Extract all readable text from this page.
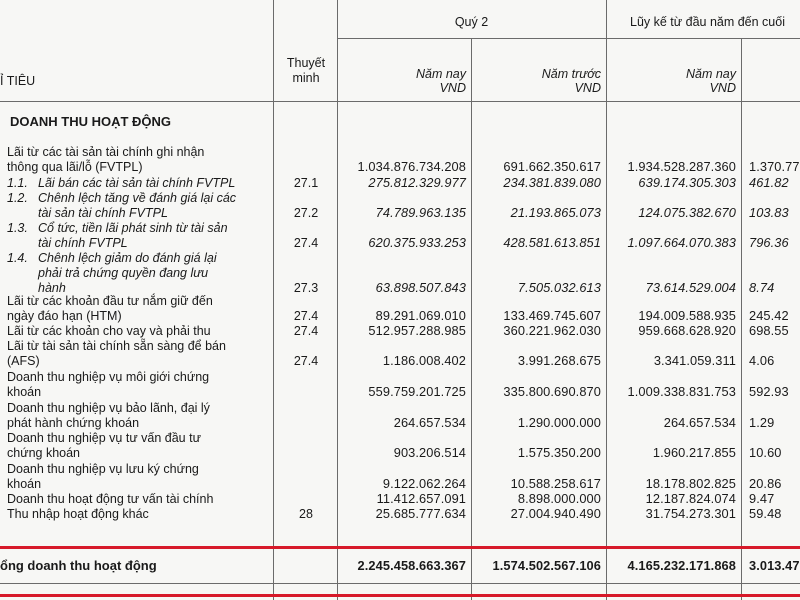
Ỉ TIÊU
Thuyết
minh
Quý 2	Lũy kế từ đầu năm đến cuối
Năm nay
VND
Năm trước
VND
Năm nay
VND
DOANH THU HOẠT ĐỘNG
Lãi từ các tài sản tài chính ghi nhận
thông qua lãi/lỗ (FVTPL)	1.034.876.734.208	691.662.350.617	1.934.528.287.360 1.370.77
1.1. Lãi bán các tài sản tài chính FVTPL	27.1	275.812.329.977	234.381.839.080	639.174.305.303 461.82
1.2. Chênh lệch tăng về đánh giá lại các
tài sản tài chính FVTPL	27.2	74.789.963.135	21.193.865.073	124.075.382.670 103.83
1.3. Cổ tức, tiền lãi phát sinh từ tài sản
tài chính FVTPL	27.4	620.375.933.253	428.581.613.851	1.097.664.070.383 796.36
1.4. Chênh lệch giảm do đánh giá lại
phải trả chứng quyền đang lưu
hành	27.3	63.898.507.843	7.505.032.613	73.614.529.004 8.74
Lãi từ các khoản đầu tư nắm giữ đến
ngày đáo hạn (HTM)	27.4	89.291.069.010	133.469.745.607	194.009.588.935 245.42
Lãi từ các khoản cho vay và phải thu	27.4	512.957.288.985	360.221.962.030	959.668.628.920 698.55
Lãi từ tài sản tài chính sẵn sàng để bán
(AFS)	27.4	1.186.008.402	3.991.268.675	3.341.059.311 4.06
Doanh thu nghiệp vụ môi giới chứng
khoán	559.759.201.725	335.800.690.870	1.009.338.831.753 592.93
Doanh thu nghiệp vụ bảo lãnh, đại lý
phát hành chứng khoán	264.657.534	1.290.000.000	264.657.534 1.29
Doanh thu nghiệp vụ tư vấn đầu tư
chứng khoán	903.206.514	1.575.350.200	1.960.217.855 10.60
Doanh thu nghiệp vụ lưu ký chứng
khoán	9.122.062.264	10.588.258.617	18.178.802.825 20.86
Doanh thu hoạt động tư vấn tài chính	11.412.657.091	8.898.000.000	12.187.824.074 9.47
Thu nhập hoạt động khác	28	25.685.777.634	27.004.940.490	31.754.273.301 59.48
ổng doanh thu hoạt động	2.245.458.663.367	1.574.502.567.106	4.165.232.171.868 3.013.47
